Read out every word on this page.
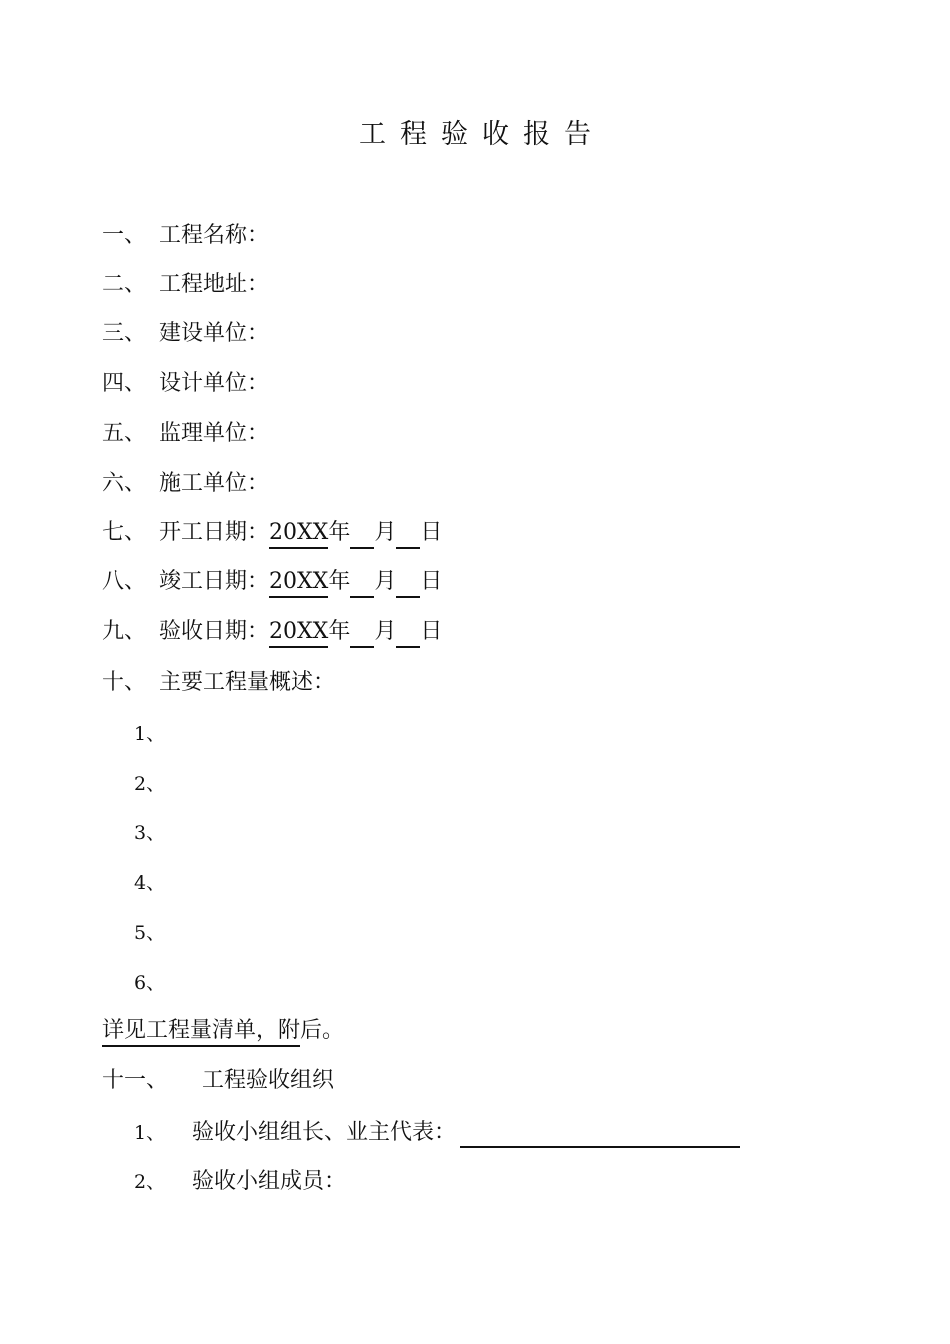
工程验收报告
一、 工程名称：
二、 工程地址：
三、 建设单位：
四、 设计单位：
五、 监理单位：
六、 施工单位：
七、 开工日期：20XX年 月 日
八、 竣工日期：20XX年 月 日
九、 验收日期：20XX年 月 日
十、 主要工程量概述：
1、
2、
3、
4、
5、
6、
详见工程量清单，附后。
十一、 工程验收组织
1、 验收小组组长、业主代表：
2、 验收小组成员：
